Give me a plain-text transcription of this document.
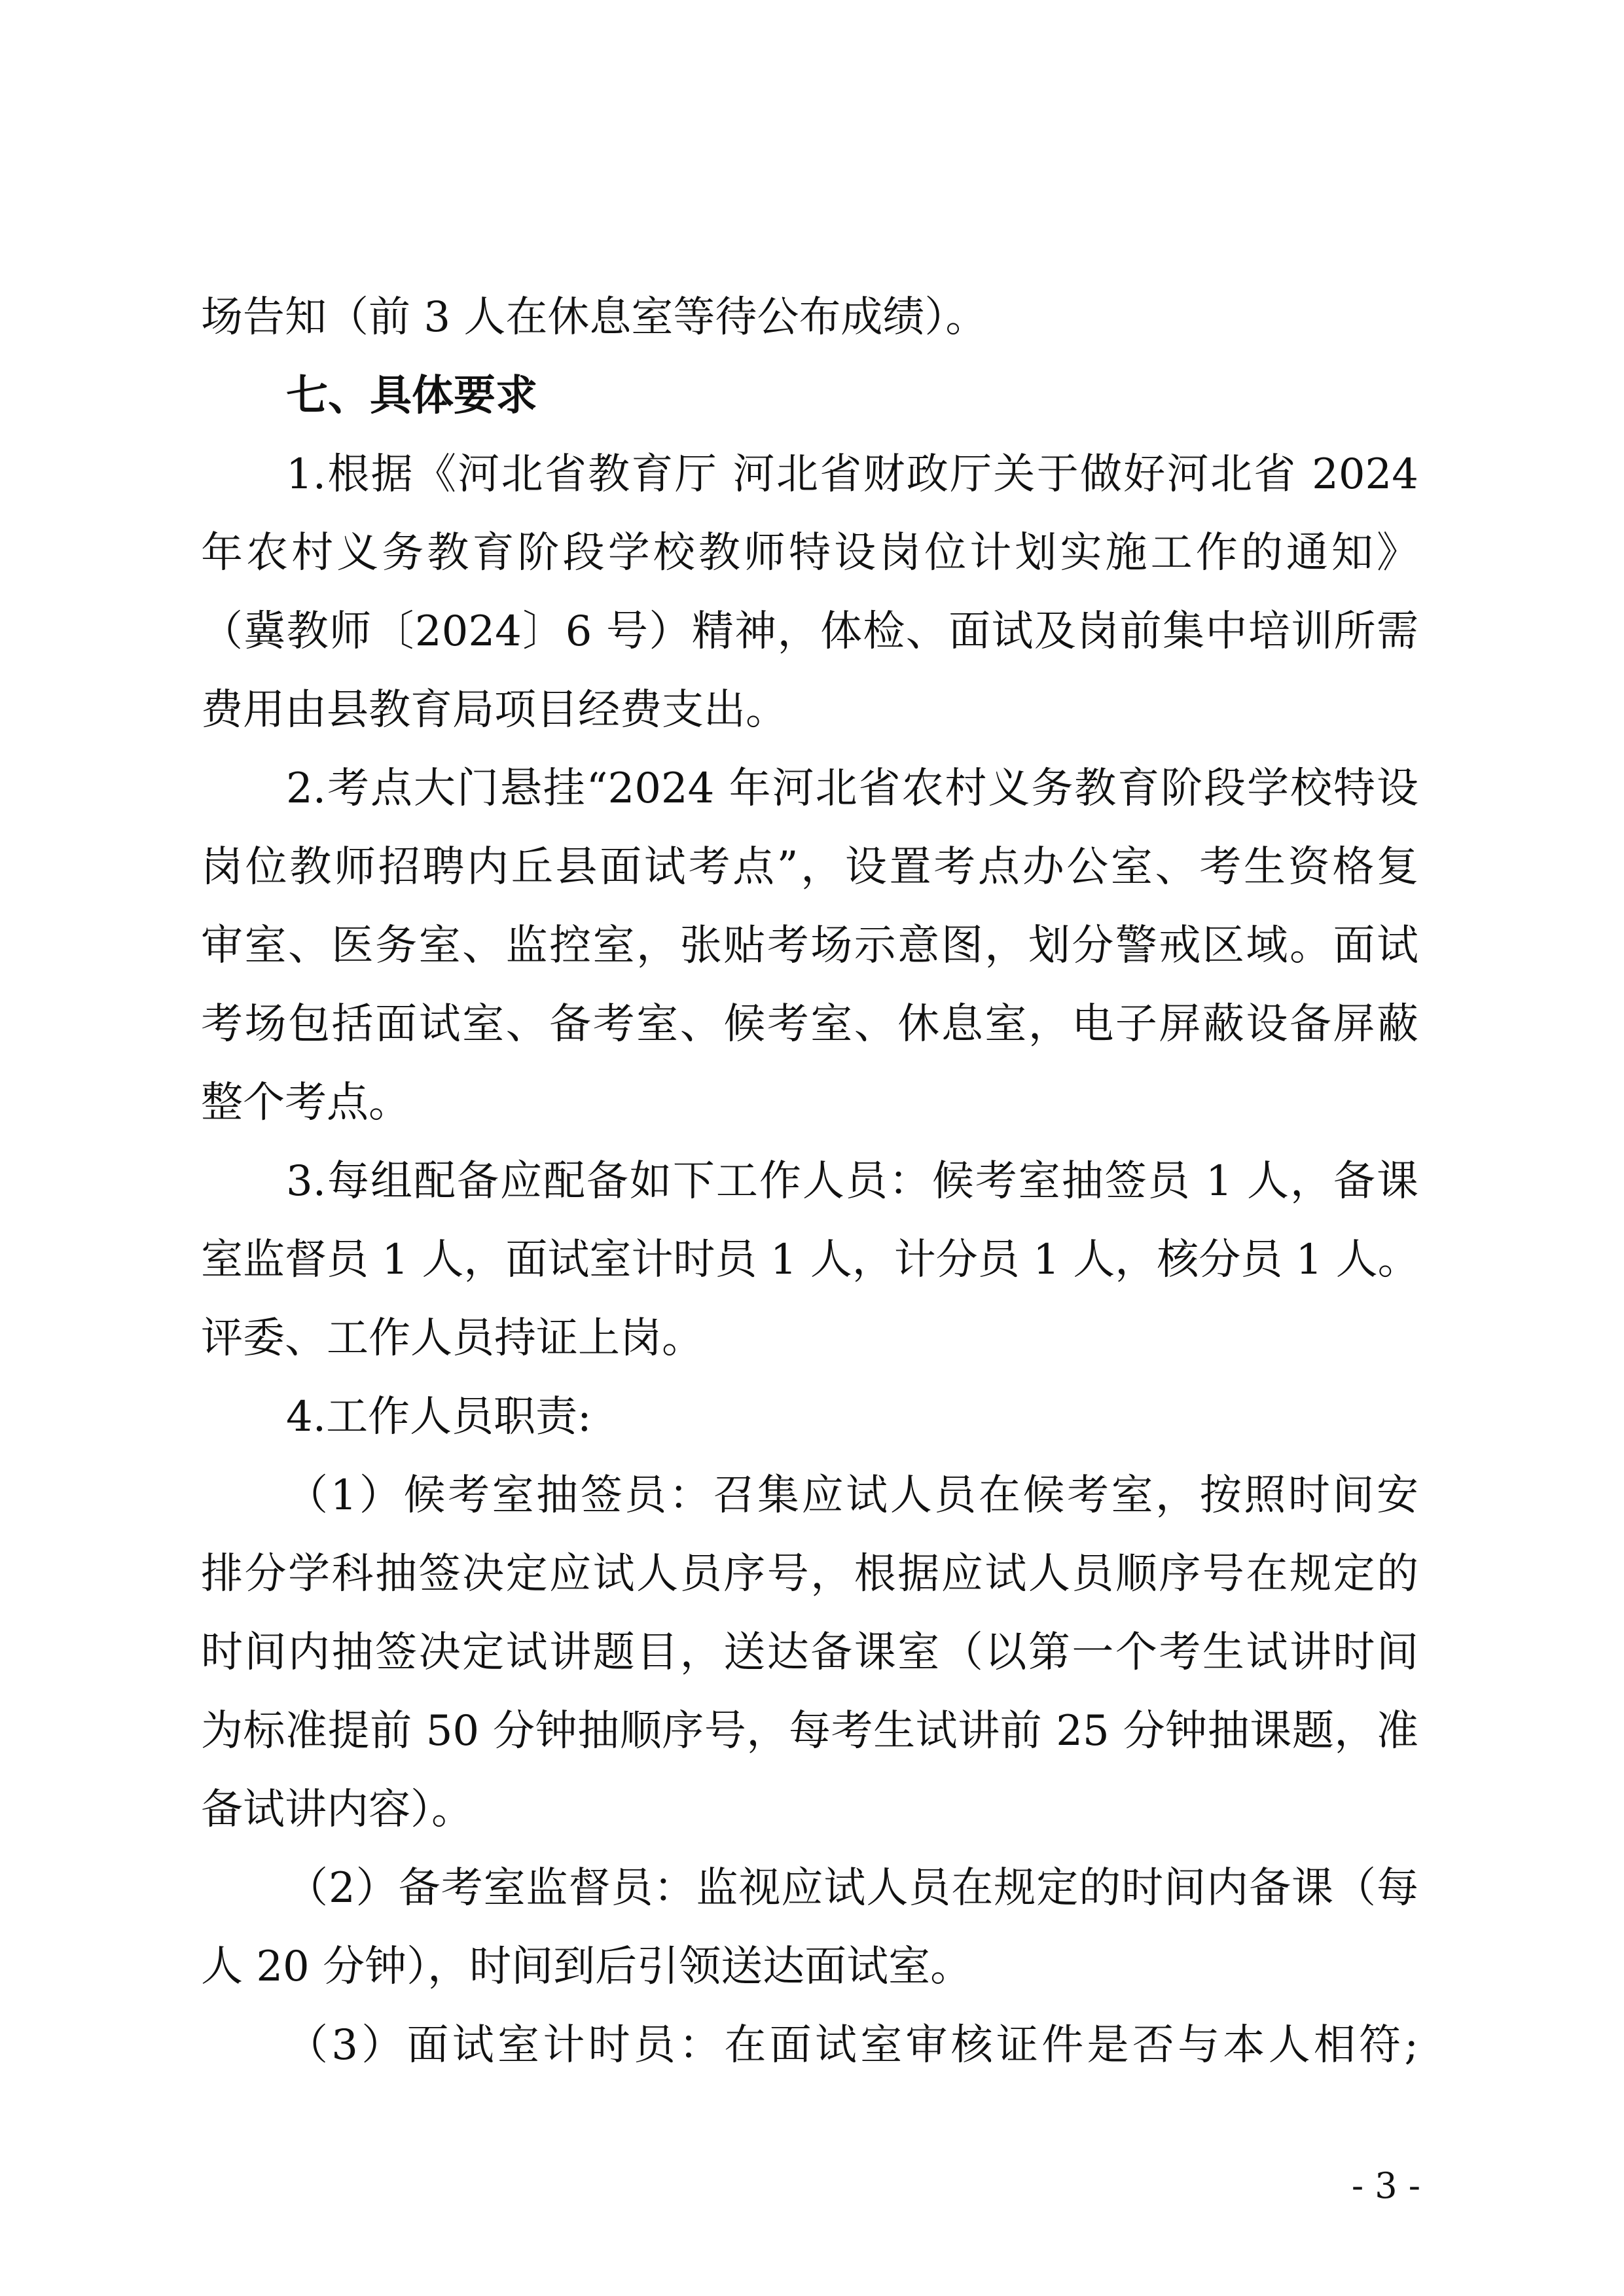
场告知（前 3 人在休息室等待公布成绩）。
七、具体要求
1.根据《河北省教育厅 河北省财政厅关于做好河北省 2024
年农村义务教育阶段学校教师特设岗位计划实施工作的通知》
（冀教师〔2024〕6 号）精神，体检、面试及岗前集中培训所需
费用由县教育局项目经费支出。
2.考点大门悬挂“2024 年河北省农村义务教育阶段学校特设
岗位教师招聘内丘县面试考点”，设置考点办公室、考生资格复
审室、医务室、监控室，张贴考场示意图，划分警戒区域。面试
考场包括面试室、备考室、候考室、休息室，电子屏蔽设备屏蔽
整个考点。
3.每组配备应配备如下工作人员：候考室抽签员 1 人，备课
室监督员 1 人，面试室计时员 1 人，计分员 1 人，核分员 1 人。
评委、工作人员持证上岗。
4.工作人员职责:
（1）候考室抽签员：召集应试人员在候考室，按照时间安
排分学科抽签决定应试人员序号，根据应试人员顺序号在规定的
时间内抽签决定试讲题目，送达备课室（以第一个考生试讲时间
为标准提前 50 分钟抽顺序号，每考生试讲前 25 分钟抽课题，准
备试讲内容）。
（2）备考室监督员：监视应试人员在规定的时间内备课（每
人 20 分钟），时间到后引领送达面试室。
（3）面试室计时员：在面试室审核证件是否与本人相符;
- 3 -
